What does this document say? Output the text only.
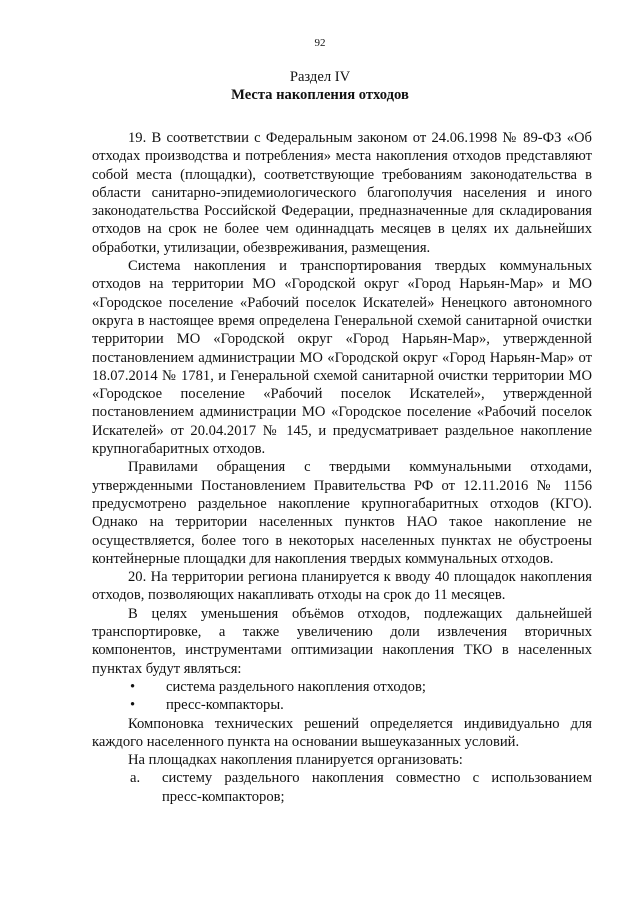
92
Раздел IV
Места накопления отходов

19. В соответствии с Федеральным законом от 24.06.1998 № 89-ФЗ «Об отходах производства и потребления» места накопления отходов представляют собой места (площадки), соответствующие требованиям законодательства в области санитарно-эпидемиологического благополучия населения и иного законодательства Российской Федерации, предназначенные для складирования отходов на срок не более чем одиннадцать месяцев в целях их дальнейших обработки, утилизации, обезвреживания, размещения.

Система накопления и транспортирования твердых коммунальных отходов на территории МО «Городской округ «Город Нарьян-Мар» и МО «Городское поселение «Рабочий поселок Искателей» Ненецкого автономного округа в настоящее время определена Генеральной схемой санитарной очистки территории МО «Городской округ «Город Нарьян-Мар», утвержденной постановлением администрации МО «Городской округ «Город Нарьян-Мар» от 18.07.2014 № 1781, и Генеральной схемой санитарной очистки территории МО «Городское поселение «Рабочий поселок Искателей», утвержденной постановлением администрации МО «Городское поселение «Рабочий поселок Искателей» от 20.04.2017 № 145, и предусматривает раздельное накопление крупногабаритных отходов.

Правилами обращения с твердыми коммунальными отходами, утвержденными Постановлением Правительства РФ от 12.11.2016 № 1156 предусмотрено раздельное накопление крупногабаритных отходов (КГО). Однако на территории населенных пунктов НАО такое накопление не осуществляется, более того в некоторых населенных пунктах не обустроены контейнерные площадки для накопления твердых коммунальных отходов.

20. На территории региона планируется к вводу 40 площадок накопления отходов, позволяющих накапливать отходы на срок до 11 месяцев.

В целях уменьшения объёмов отходов, подлежащих дальнейшей транспортировке, а также увеличению доли извлечения вторичных компонентов, инструментами оптимизации накопления ТКО в населенных пунктах будут являться:

•	система раздельного накопления отходов;
•	пресс-компакторы.

Компоновка технических решений определяется индивидуально для каждого населенного пункта на основании вышеуказанных условий.

На площадках накопления планируется организовать:

а.	систему раздельного накопления совместно с использованием пресс-компакторов;
